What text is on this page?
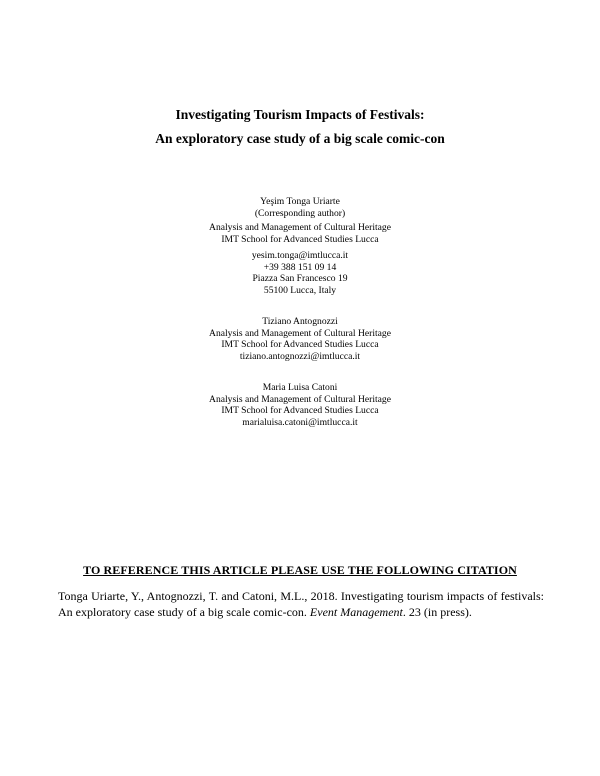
Investigating Tourism Impacts of Festivals:
An exploratory case study of a big scale comic-con
Yeşim Tonga Uriarte
(Corresponding author)
Analysis and Management of Cultural Heritage
IMT School for Advanced Studies Lucca
yesim.tonga@imtlucca.it
+39 388 151 09 14
Piazza San Francesco 19
55100 Lucca, Italy
Tiziano Antognozzi
Analysis and Management of Cultural Heritage
IMT School for Advanced Studies Lucca
tiziano.antognozzi@imtlucca.it
Maria Luisa Catoni
Analysis and Management of Cultural Heritage
IMT School for Advanced Studies Lucca
marialuisa.catoni@imtlucca.it
TO REFERENCE THIS ARTICLE PLEASE USE THE FOLLOWING CITATION
Tonga Uriarte, Y., Antognozzi, T. and Catoni, M.L., 2018. Investigating tourism impacts of festivals: An exploratory case study of a big scale comic-con. Event Management. 23 (in press).
